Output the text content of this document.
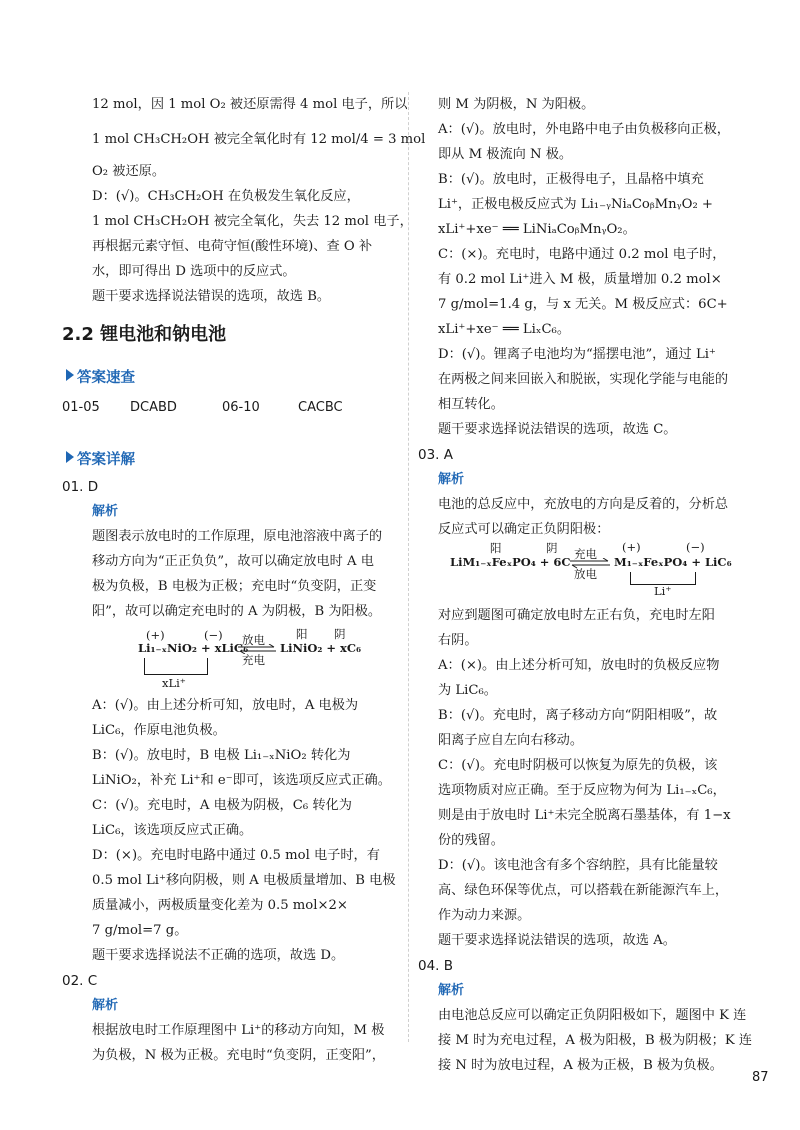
12 mol，因 1 mol O₂ 被还原需得 4 mol 电子，所以
1 mol CH₃CH₂OH 被完全氧化时有 12 mol/4 = 3 mol
O₂ 被还原。
D：(√)。CH₃CH₂OH 在负极发生氧化反应，
1 mol CH₃CH₂OH 被完全氧化，失去 12 mol 电子，
再根据元素守恒、电荷守恒(酸性环境)、查 O 补
水，即可得出 D 选项中的反应式。
题干要求选择说法错误的选项，故选 B。
2.2 锂电池和钠电池
答案速查
01-05 DCABD	06-10	CACBC
答案详解
01. D
解析
题图表示放电时的工作原理，原电池溶液中离子的
移动方向为“正正负负”，故可以确定放电时 A 电
极为负极，B 电极为正极；充电时“负变阴，正变
阳”，故可以确定充电时的 A 为阴极，B 为阳极。
(+)	(−)	阳 阴
Li₁₋ₓNiO₂ + xLiC₆
放电
充电
LiNiO₂ + xC₆
xLi⁺
A：(√)。由上述分析可知，放电时，A 电极为
LiC₆，作原电池负极。
B：(√)。放电时，B 电极 Li₁₋ₓNiO₂ 转化为
LiNiO₂，补充 Li⁺和 e⁻即可，该选项反应式正确。
C：(√)。充电时，A 电极为阴极，C₆ 转化为
LiC₆，该选项反应式正确。
D：(×)。充电时电路中通过 0.5 mol 电子时，有
0.5 mol Li⁺移向阴极，则 A 电极质量增加、B 电极
质量减小，两极质量变化差为 0.5 mol×2×
7 g/mol=7 g。
题干要求选择说法不正确的选项，故选 D。
02. C
解析
根据放电时工作原理图中 Li⁺的移动方向知，M 极
为负极，N 极为正极。充电时“负变阴，正变阳”，
则 M 为阴极，N 为阳极。
A：(√)。放电时，外电路中电子由负极移向正极，
即从 M 极流向 N 极。
B：(√)。放电时，正极得电子，且晶格中填充
Li⁺，正极电极反应式为 Li₁₋ᵧNiₐCoᵦMnᵧO₂ +
xLi⁺+xe⁻ ══ LiNiₐCoᵦMnᵧO₂。
C：(×)。充电时，电路中通过 0.2 mol 电子时，
有 0.2 mol Li⁺进入 M 极，质量增加 0.2 mol×
7 g/mol=1.4 g，与 x 无关。M 极反应式：6C+
xLi⁺+xe⁻ ══ LiₓC₆。
D：(√)。锂离子电池均为“摇摆电池”，通过 Li⁺
在两极之间来回嵌入和脱嵌，实现化学能与电能的
相互转化。
题干要求选择说法错误的选项，故选 C。
03. A
解析
电池的总反应中，充放电的方向是反着的，分析总
反应式可以确定正负阴阳极：
阳	阴	(+)	(−)
LiM₁₋ₓFeₓPO₄ + 6C
充电
放电
M₁₋ₓFeₓPO₄ + LiC₆
Li⁺
对应到题图可确定放电时左正右负，充电时左阳
右阴。
A：(×)。由上述分析可知，放电时的负极反应物
为 LiC₆。
B：(√)。充电时，离子移动方向“阴阳相吸”，故
阳离子应自左向右移动。
C：(√)。充电时阴极可以恢复为原先的负极，该
选项物质对应正确。至于反应物为何为 Li₁₋ₓC₆，
则是由于放电时 Li⁺未完全脱离石墨基体，有 1−x
份的残留。
D：(√)。该电池含有多个容纳腔，具有比能量较
高、绿色环保等优点，可以搭载在新能源汽车上，
作为动力来源。
题干要求选择说法错误的选项，故选 A。
04. B
解析
由电池总反应可以确定正负阴阳极如下，题图中 K 连
接 M 时为充电过程，A 极为阳极，B 极为阴极；K 连
接 N 时为放电过程，A 极为正极，B 极为负极。
87
